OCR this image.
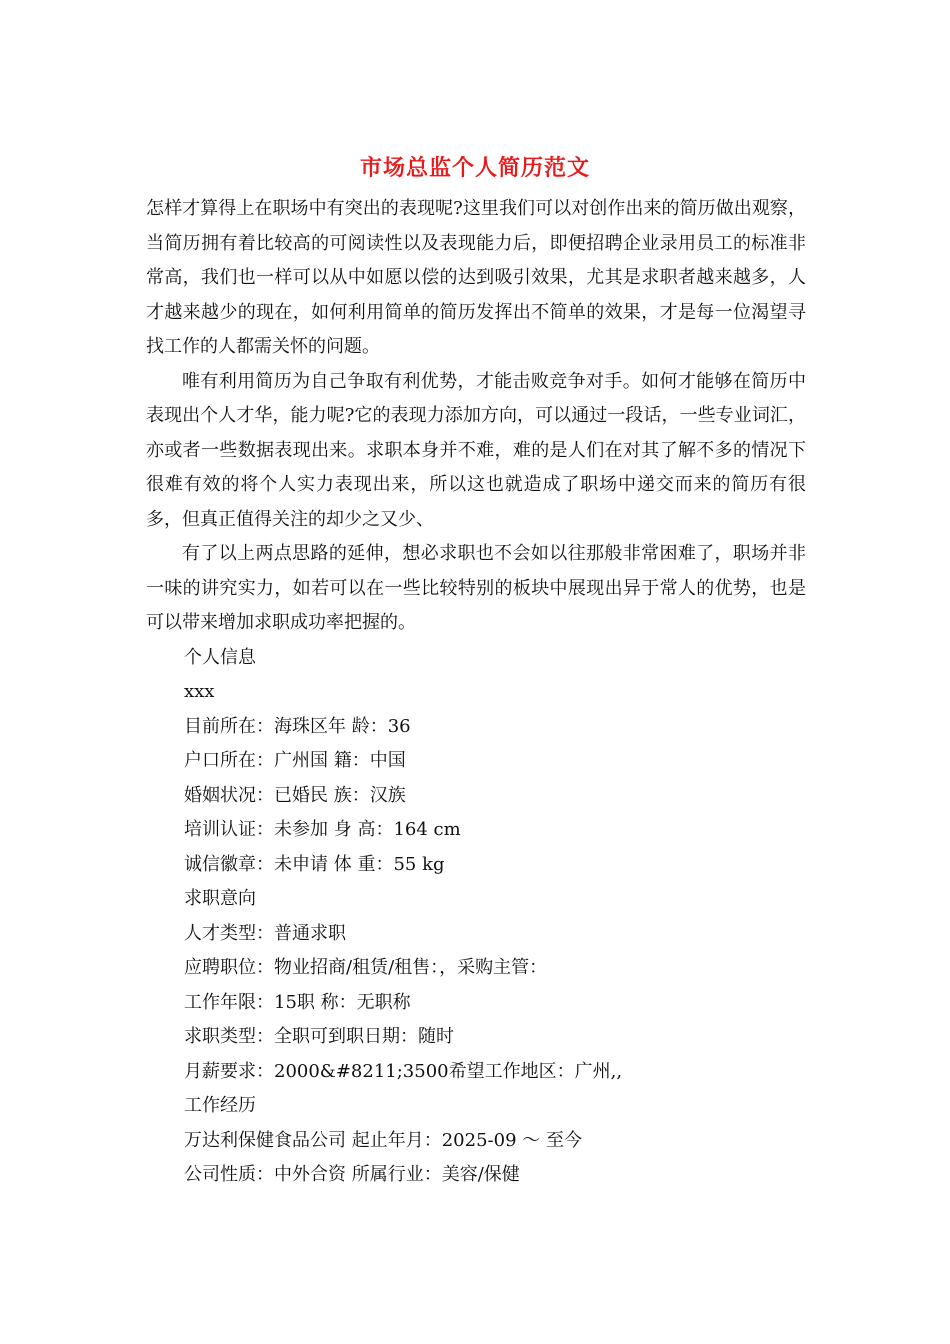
市场总监个人简历范文

怎样才算得上在职场中有突出的表现呢?这里我们可以对创作出来的简历做出观察，当简历拥有着比较高的可阅读性以及表现能力后，即便招聘企业录用员工的标准非常高，我们也一样可以从中如愿以偿的达到吸引效果，尤其是求职者越来越多，人才越来越少的现在，如何利用简单的简历发挥出不简单的效果，才是每一位渴望寻找工作的人都需关怀的问题。

唯有利用简历为自己争取有利优势，才能击败竞争对手。如何才能够在简历中表现出个人才华，能力呢?它的表现力添加方向，可以通过一段话，一些专业词汇，亦或者一些数据表现出来。求职本身并不难，难的是人们在对其了解不多的情况下很难有效的将个人实力表现出来，所以这也就造成了职场中递交而来的简历有很多，但真正值得关注的却少之又少、

有了以上两点思路的延伸，想必求职也不会如以往那般非常困难了，职场并非一味的讲究实力，如若可以在一些比较特别的板块中展现出异于常人的优势，也是可以带来增加求职成功率把握的。

个人信息

xxx

目前所在：海珠区年 龄：36

户口所在：广州国 籍：中国

婚姻状况：已婚民 族：汉族

培训认证：未参加 身 高：164 cm

诚信徽章：未申请 体 重：55 kg

求职意向

人才类型：普通求职

应聘职位：物业招商/租赁/租售：，采购主管：

工作年限：15职 称：无职称

求职类型：全职可到职日期：随时

月薪要求：2000&#8211;3500希望工作地区：广州,,

工作经历

万达利保健食品公司 起止年月：2025-09 ～ 至今

公司性质：中外合资 所属行业：美容/保健
